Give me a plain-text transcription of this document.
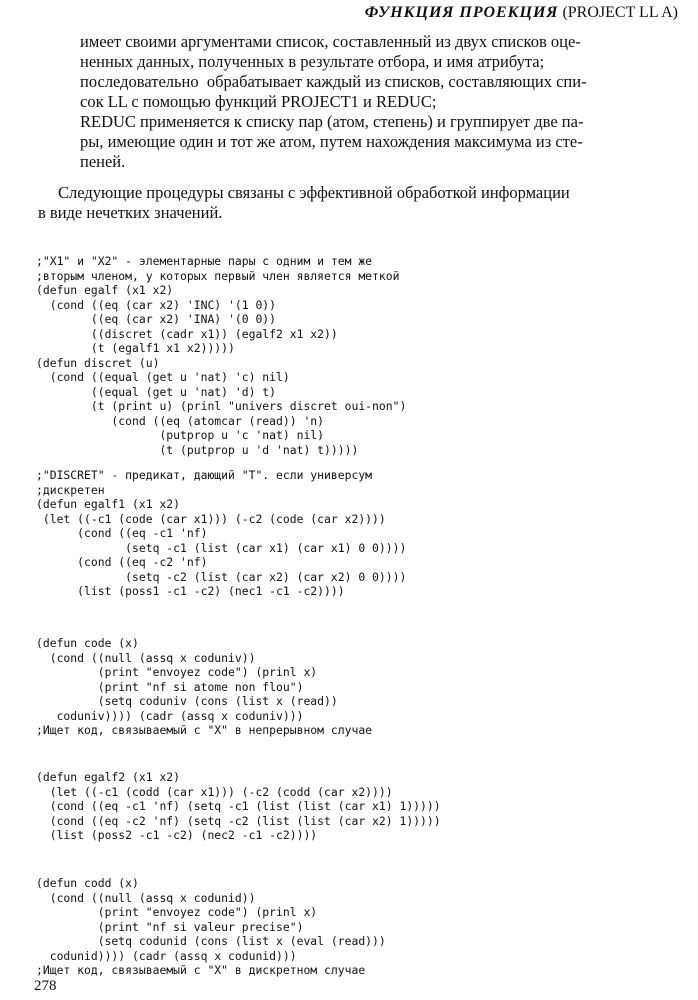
ФУНКЦИЯ ПРОЕКЦИЯ (PROJECT LL A)
имеет своими аргументами список, составленный из двух списков оце-
ненных данных, полученных в результате отбора, и имя атрибута;
последовательно  обрабатывает каждый из списков, составляющих спи-
сок LL с помощью функций PROJECT1 и REDUC;
REDUC применяется к списку пар (атом, степень) и группирует две па-
ры, имеющие один и тот же атом, путем нахождения максимума из сте-
пеней.
Следующие процедуры связаны с эффективной обработкой информации
в виде нечетких значений.
;"X1" и "X2" - элементарные пары с одним и тем же
;вторым членом, у которых первый член является меткой
(defun egalf (x1 x2)
(cond ((eq (car x2) 'INC) '(1 0))
((eq (car x2) 'INA) '(0 0))
((discret (cadr x1)) (egalf2 x1 x2))
(t (egalf1 x1 x2)))))
(defun discret (u)
(cond ((equal (get u 'nat) 'c) nil)
((equal (get u 'nat) 'd) t)
(t (print u) (prinl "univers discret oui-non")
(cond ((eq (atomcar (read)) 'n)
(putprop u 'c 'nat) nil)
(t (putprop u 'd 'nat) t)))))
;"DISCRET" - предикат, дающий "T". если универсум
;дискретен
(defun egalf1 (x1 x2)
(let ((-c1 (code (car x1))) (-c2 (code (car x2))))
(cond ((eq -c1 'nf)
(setq -c1 (list (car x1) (car x1) 0 0))))
(cond ((eq -c2 'nf)
(setq -c2 (list (car x2) (car x2) 0 0))))
(list (poss1 -c1 -c2) (nec1 -c1 -c2))))
(defun code (x)
(cond ((null (assq x coduniv))
(print "envoyez code") (prinl x)
(print "nf si atome non flou")
(setq coduniv (cons (list x (read))
coduniv)))) (cadr (assq x coduniv)))
;Ищет код, связываемый с "X" в непрерывном случае
(defun egalf2 (x1 x2)
(let ((-c1 (codd (car x1))) (-c2 (codd (car x2))))
(cond ((eq -c1 'nf) (setq -c1 (list (list (car x1) 1)))))
(cond ((eq -c2 'nf) (setq -c2 (list (list (car x2) 1)))))
(list (poss2 -c1 -c2) (nec2 -c1 -c2))))
(defun codd (x)
(cond ((null (assq x codunid))
(print "envoyez code") (prinl x)
(print "nf si valeur precise")
(setq codunid (cons (list x (eval (read)))
codunid)))) (cadr (assq x codunid)))
;Ищет код, связываемый с "X" в дискретном случае
278
